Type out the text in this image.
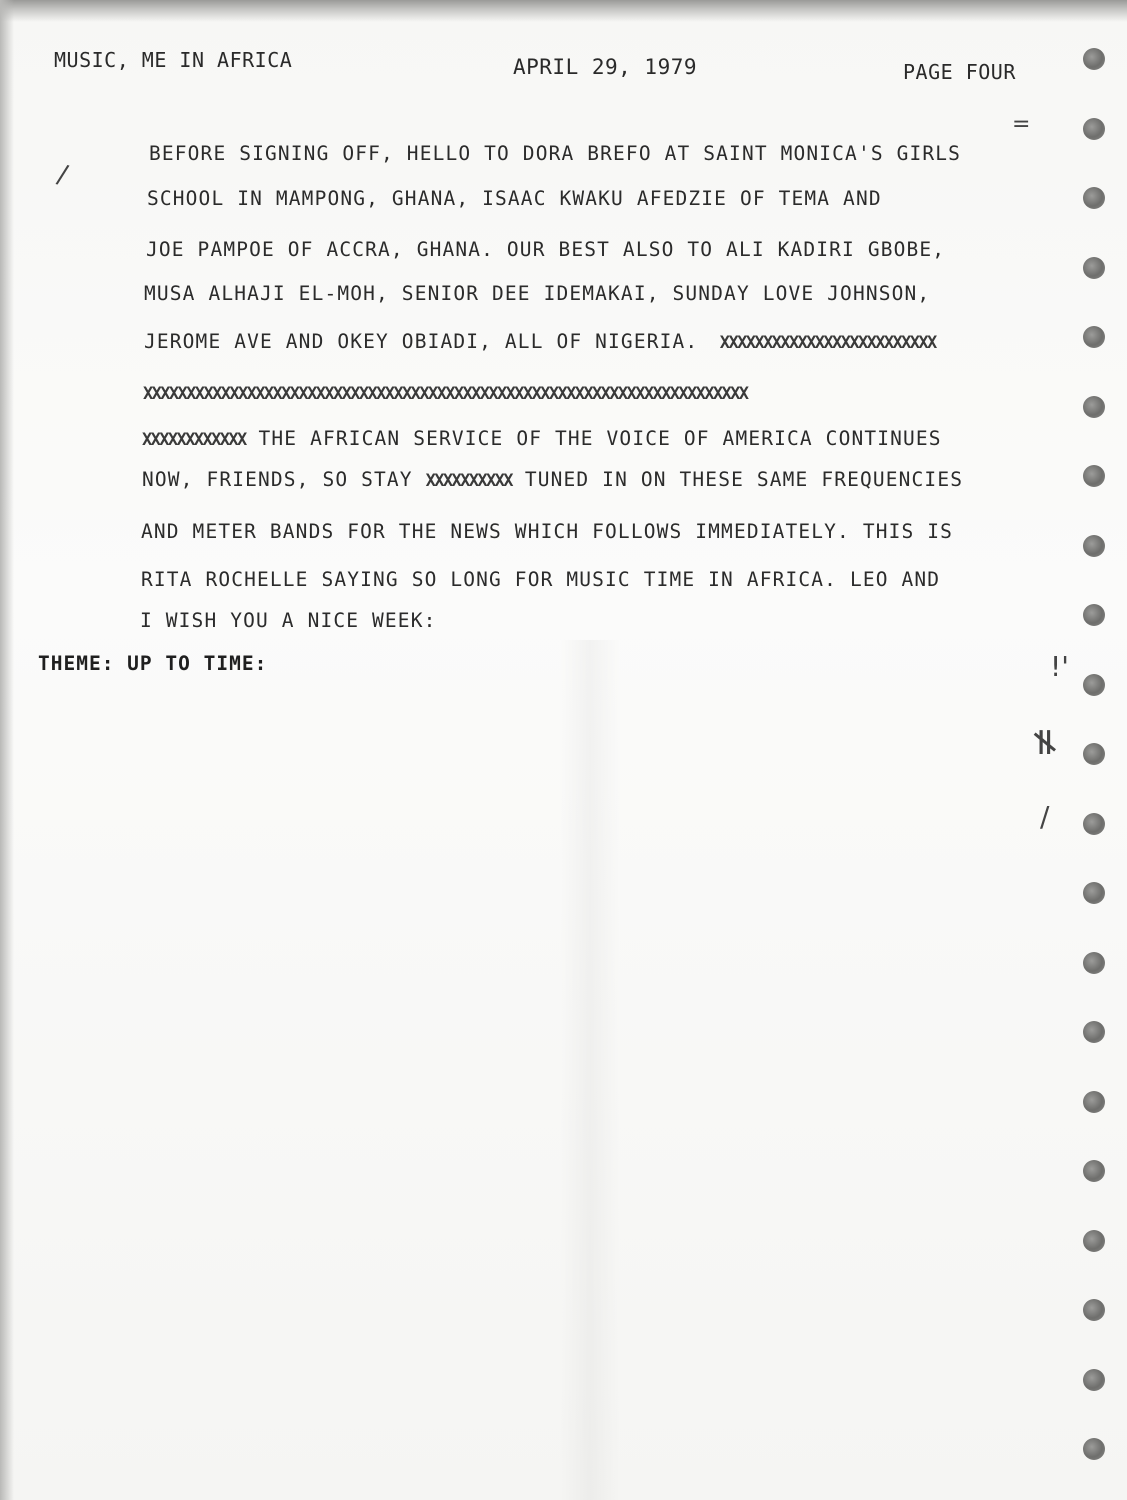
MUSIC, ME IN AFRICA	APRIL 29, 1979	PAGE FOUR
BEFORE SIGNING OFF, HELLO TO DORA BREFO AT SAINT MONICA'S GIRLS
SCHOOL IN MAMPONG, GHANA, ISAAC KWAKU AFEDZIE OF TEMA AND
JOE PAMPOE OF ACCRA, GHANA. OUR BEST ALSO TO ALI KADIRI GBOBE,
MUSA ALHAJI EL-MOH, SENIOR DEE IDEMAKAI, SUNDAY LOVE JOHNSON,
JEROME AVE AND OKEY OBIADI, ALL OF NIGERIA.  XXXXXXXXXXXXXXXXXXXXXXXXX
XXXXXXXXXXXXXXXXXXXXXXXXXXXXXXXXXXXXXXXXXXXXXXXXXXXXXXXXXXXXXXXXXXXXXX
XXXXXXXXXXXX THE AFRICAN SERVICE OF THE VOICE OF AMERICA CONTINUES
NOW, FRIENDS, SO STAY XXXXXXXXXX TUNED IN ON THESE SAME FREQUENCIES
AND METER BANDS FOR THE NEWS WHICH FOLLOWS IMMEDIATELY. THIS IS
RITA ROCHELLE SAYING SO LONG FOR MUSIC TIME IN AFRICA. LEO AND
I WISH YOU A NICE WEEK:
THEME: UP TO TIME:
=
/
!'
≠
/
